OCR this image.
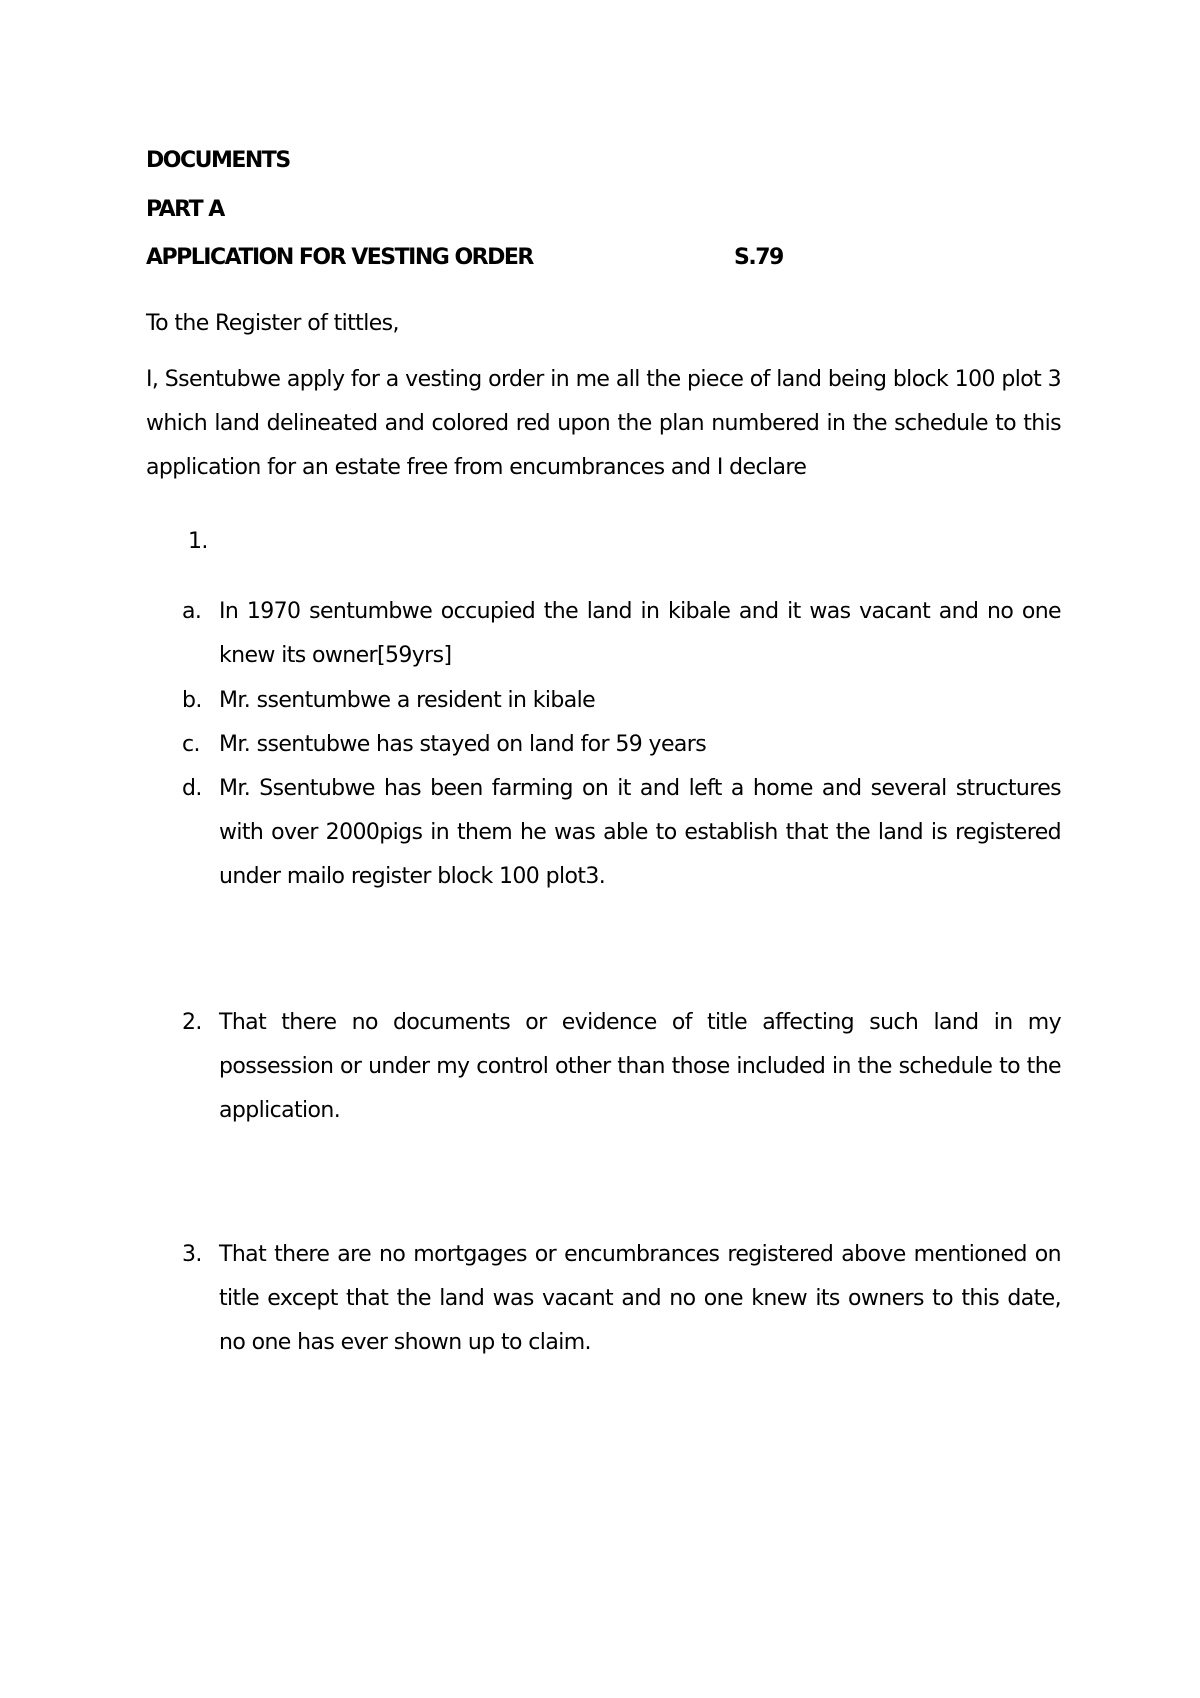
DOCUMENTS
PART A
APPLICATION FOR VESTING ORDER	S.79
To the Register of tittles,
I, Ssentubwe apply for a vesting order in me all the piece of land being block 100 plot 3 which land delineated and colored red upon the plan numbered in the schedule to this application for an estate free from encumbrances and I declare
1.
a. In 1970 sentumbwe occupied the land in kibale and it was vacant and no one knew its owner[59yrs]
b. Mr. ssentumbwe a resident in kibale
c. Mr. ssentubwe has stayed on land for 59 years
d. Mr. Ssentubwe has been farming on it and left a home and several structures with over 2000pigs in them he was able to establish that the land is registered under mailo register block 100 plot3.
2. That there no documents or evidence of title affecting such land in my possession or under my control other than those included in the schedule to the application.
3. That there are no mortgages or encumbrances registered above mentioned on title except that the land was vacant and no one knew its owners to this date, no one has ever shown up to claim.
